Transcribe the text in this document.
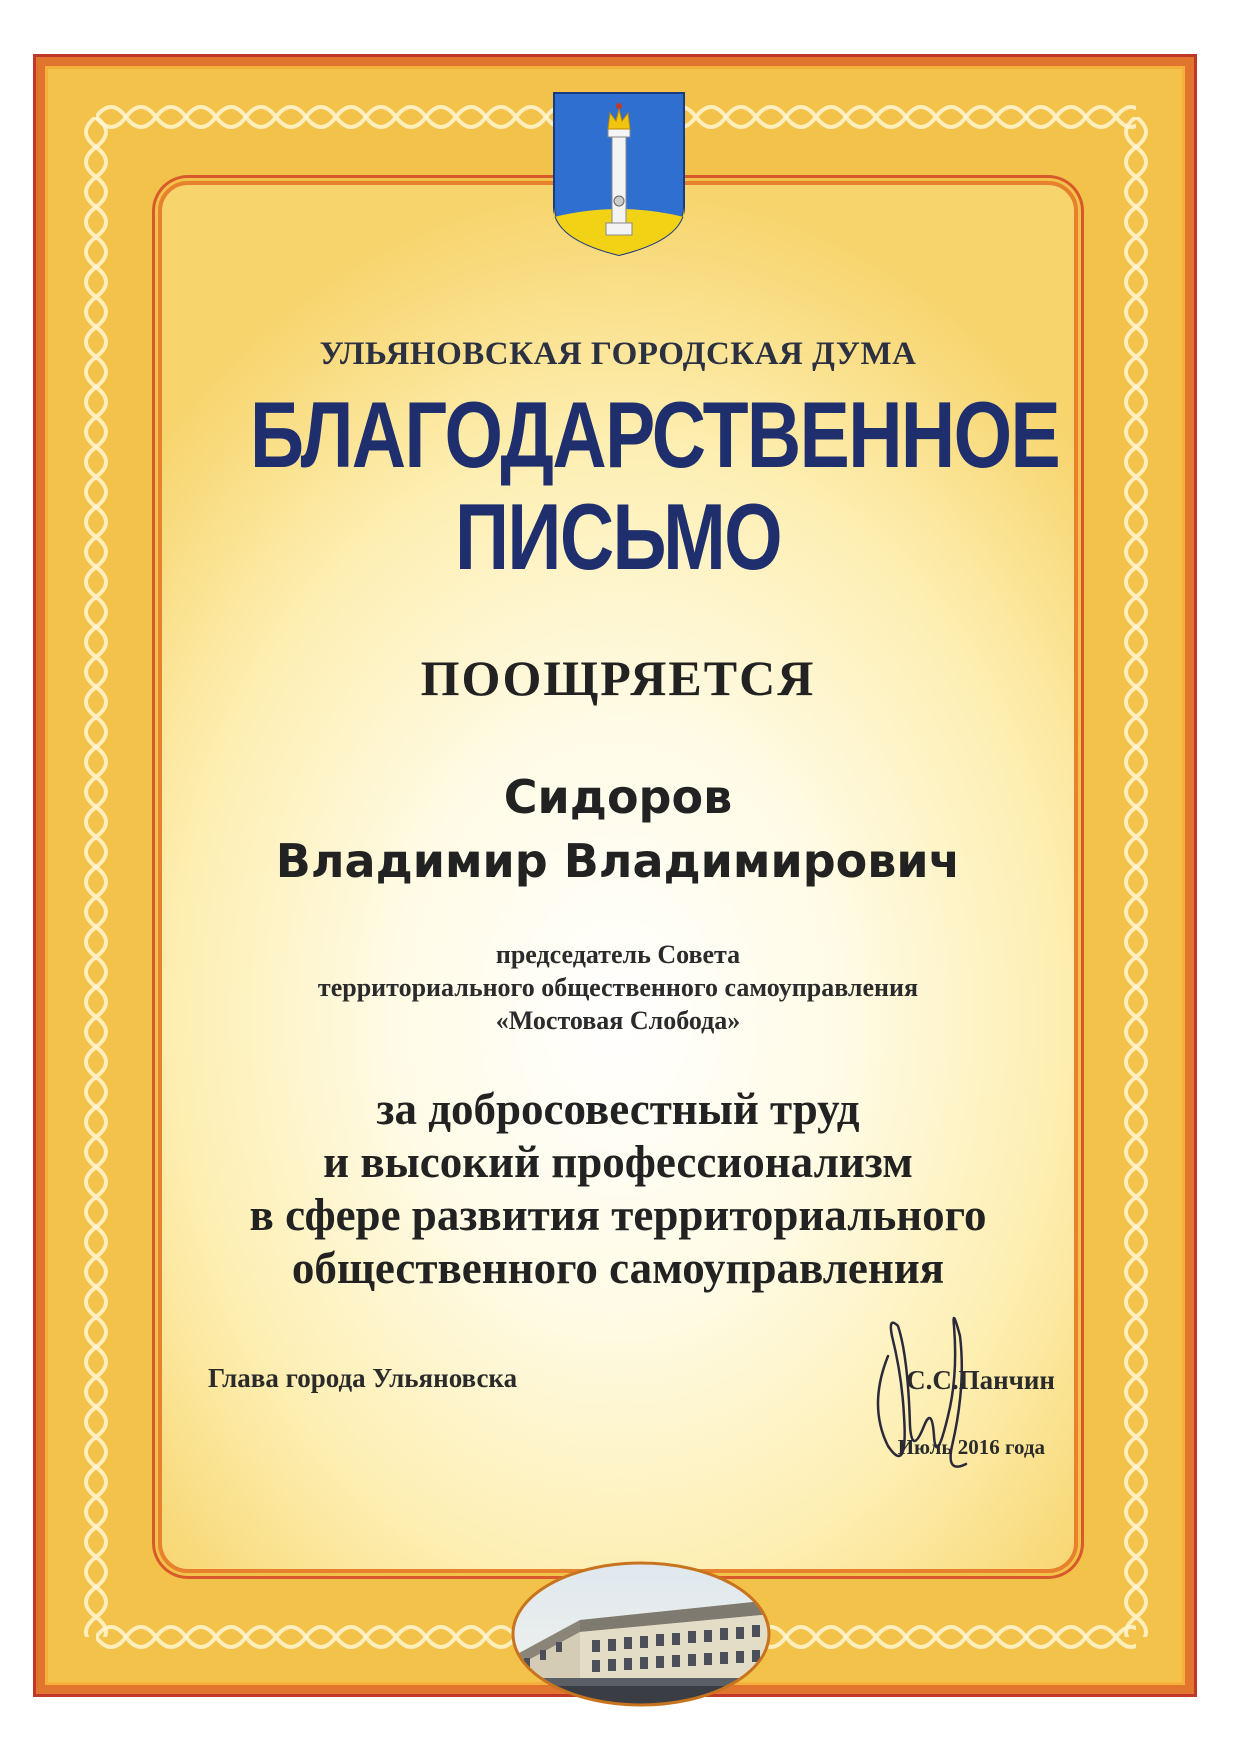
УЛЬЯНОВСКАЯ ГОРОДСКАЯ ДУМА
БЛАГОДАРСТВЕННОЕ
ПИСЬМО
ПООЩРЯЕТСЯ
Сидоров
Владимир Владимирович
председатель Совета
территориального общественного самоуправления
«Мостовая Слобода»
за добросовестный труд
и высокий профессионализм
в сфере развития территориального
общественного самоуправления
Глава города Ульяновска	С.С.Панчин
Июль 2016 года
